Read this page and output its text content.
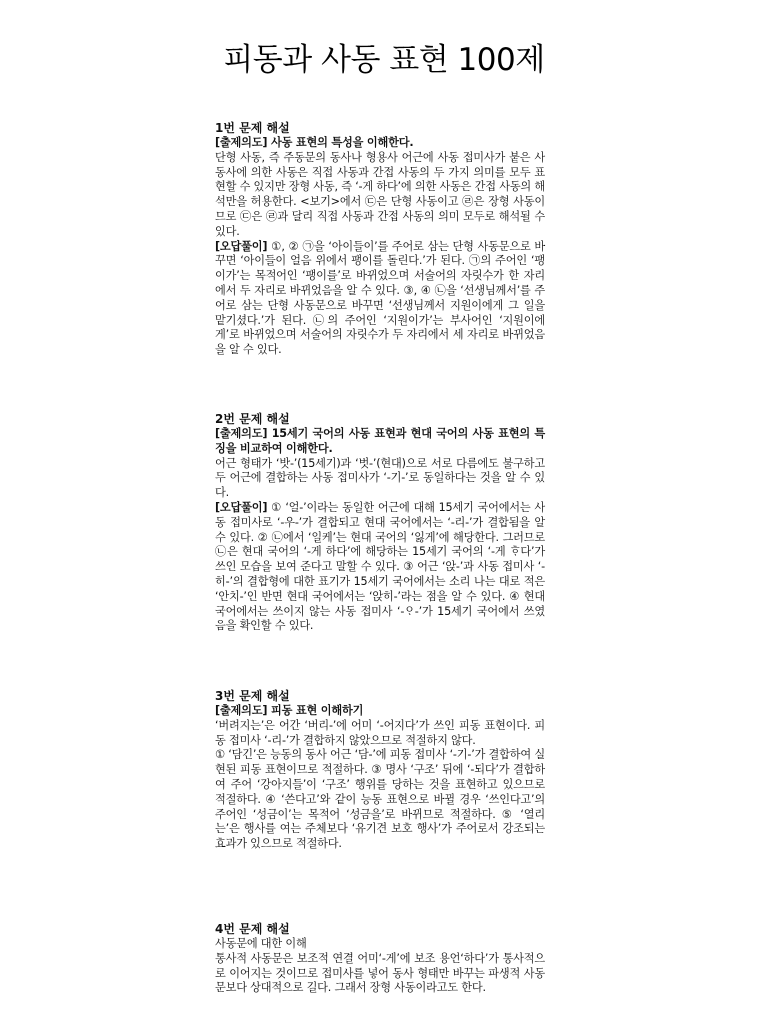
피동과 사동 표현 100제

1번 문제 해설

[출제의도] 사동 표현의 특성을 이해한다.

단형 사동, 즉 주동문의 동사나 형용사 어근에 사동 접미사가 붙은 사동사에 의한 사동은 직접 사동과 간접 사동의 두 가지 의미를 모두 표현할 수 있지만 장형 사동, 즉 ‘-게 하다’에 의한 사동은 간접 사동의 해석만을 허용한다. <보기>에서 ㉢은 단형 사동이고 ㉣은 장형 사동이므로 ㉢은 ㉣과 달리 직접 사동과 간접 사동의 의미 모두로 해석될 수 있다.

[오답풀이] ①, ② ㉠을 ‘아이들이’를 주어로 삼는 단형 사동문으로 바꾸면 ‘아이들이 얼음 위에서 팽이를 돌린다.’가 된다. ㉠의 주어인 ‘팽이가’는 목적어인 ‘팽이를’로 바뀌었으며 서술어의 자릿수가 한 자리에서 두 자리로 바뀌었음을 알 수 있다. ③, ④ ㉡을 ‘선생님께서’를 주어로 삼는 단형 사동문으로 바꾸면 ‘선생님께서 지원이에게 그 일을 맡기셨다.’가 된다. ㉡의 주어인 ‘지원이가’는 부사어인 ‘지원이에게’로 바뀌었으며 서술어의 자릿수가 두 자리에서 세 자리로 바뀌었음을 알 수 있다.

2번 문제 해설

[출제의도] 15세기 국어의 사동 표현과 현대 국어의 사동 표현의 특징을 비교하여 이해한다.

어근 형태가 ‘밧-’(15세기)과 ‘벗-’(현대)으로 서로 다름에도 불구하고 두 어근에 결합하는 사동 접미사가 ‘-기-’로 동일하다는 것을 알 수 있다.

[오답풀이] ① ‘얼-’이라는 동일한 어근에 대해 15세기 국어에서는 사동 접미사로 ‘-우-’가 결합되고 현대 국어에서는 ‘-리-’가 결합됨을 알 수 있다. ② ㉡에서 ‘일케’는 현대 국어의 ‘잃게’에 해당한다. 그러므로 ㉡은 현대 국어의 ‘-게 하다’에 해당하는 15세기 국어의 ‘-게 ᄒᆞ다’가 쓰인 모습을 보여 준다고 말할 수 있다. ③ 어근 ‘앉-’과 사동 접미사 ‘-히-’의 결합형에 대한 표기가 15세기 국어에서는 소리 나는 대로 적은 ‘안치-’인 반면 현대 국어에서는 ‘앉히-’라는 점을 알 수 있다. ④ 현대 국어에서는 쓰이지 않는 사동 접미사 ‘-ᄋᆞ-’가 15세기 국어에서 쓰였음을 확인할 수 있다.

3번 문제 해설

[출제의도] 피동 표현 이해하기

‘버려지는’은 어간 ‘버리-’에 어미 ‘-어지다’가 쓰인 피동 표현이다. 피동 접미사 ‘-리-’가 결합하지 않았으므로 적절하지 않다.

① ‘담긴’은 능동의 동사 어근 ‘담-’에 피동 접미사 ‘-기-’가 결합하여 실현된 피동 표현이므로 적절하다. ③ 명사 ‘구조’ 뒤에 ‘-되다’가 결합하여 주어 ‘강아지들’이 ‘구조’ 행위를 당하는 것을 표현하고 있으므로 적절하다. ④ ‘쓴다고’와 같이 능동 표현으로 바뀔 경우 ‘쓰인다고’의 주어인 ‘성금이’는 목적어 ‘성금을’로 바뀌므로 적절하다. ⑤ ‘열리는’은 행사를 여는 주체보다 ‘유기견 보호 행사’가 주어로서 강조되는 효과가 있으므로 적절하다.

4번 문제 해설

사동문에 대한 이해

통사적 사동문은 보조적 연결 어미‘-게’에 보조 용언‘하다’가 통사적으로 이어지는 것이므로 접미사를 넣어 동사 형태만 바꾸는 파생적 사동문보다 상대적으로 길다. 그래서 장형 사동이라고도 한다.
